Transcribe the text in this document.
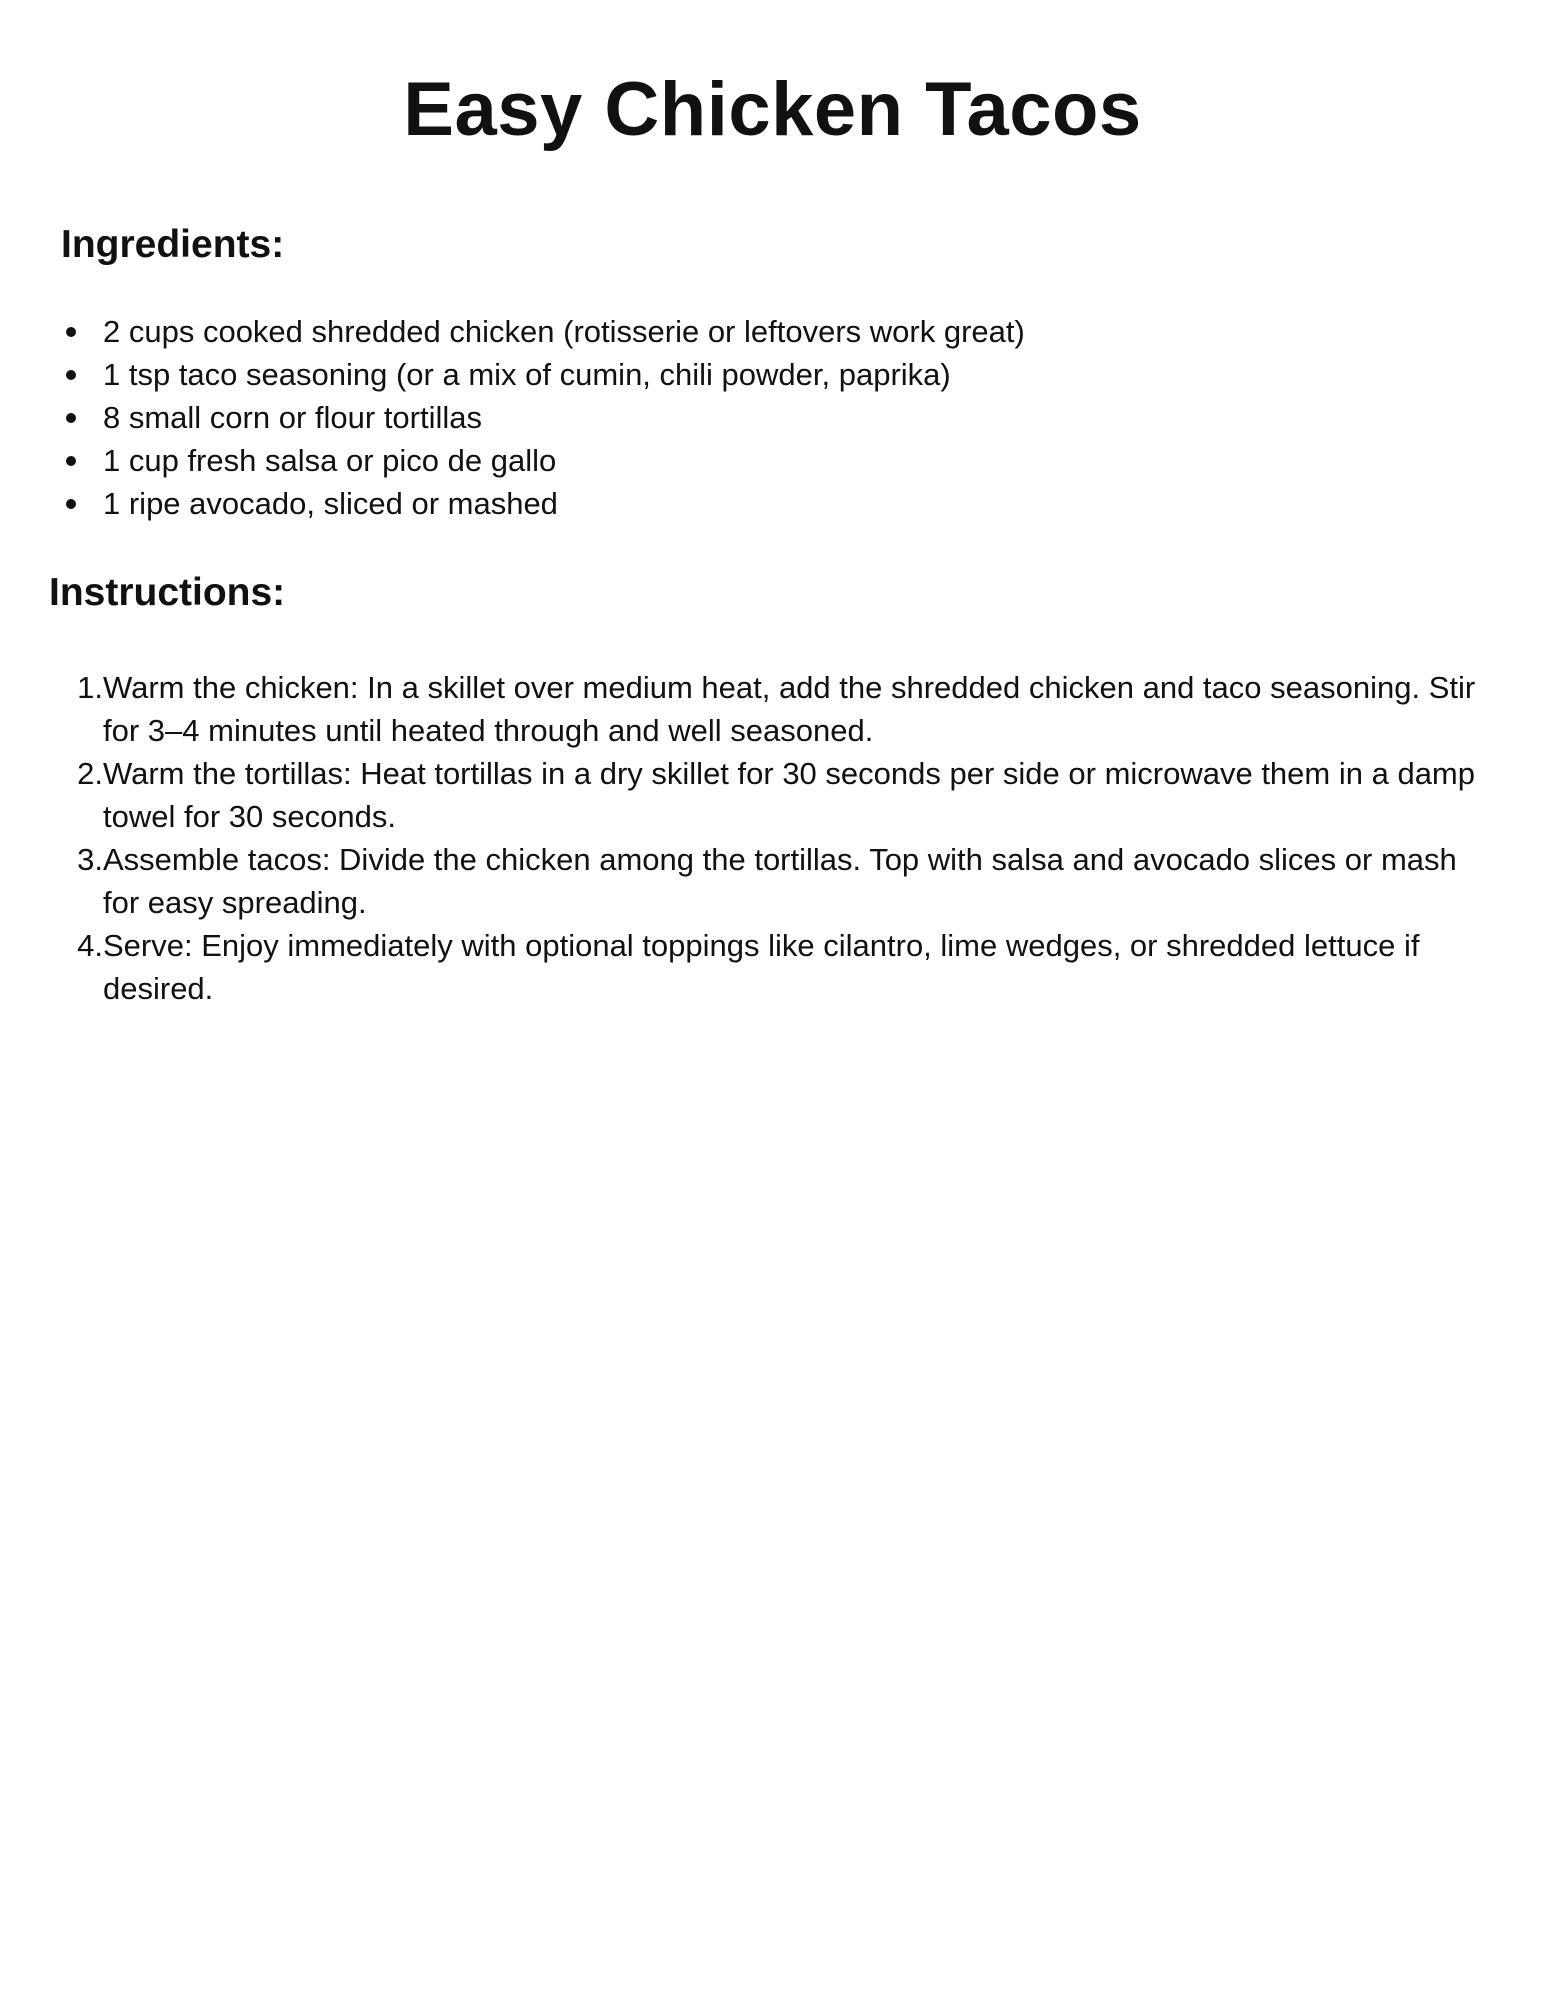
Easy Chicken Tacos
Ingredients:
2 cups cooked shredded chicken (rotisserie or leftovers work great)
1 tsp taco seasoning (or a mix of cumin, chili powder, paprika)
8 small corn or flour tortillas
1 cup fresh salsa or pico de gallo
1 ripe avocado, sliced or mashed
Instructions:
1. Warm the chicken: In a skillet over medium heat, add the shredded chicken and taco seasoning. Stir for 3–4 minutes until heated through and well seasoned.
2. Warm the tortillas: Heat tortillas in a dry skillet for 30 seconds per side or microwave them in a damp towel for 30 seconds.
3. Assemble tacos: Divide the chicken among the tortillas. Top with salsa and avocado slices or mash for easy spreading.
4. Serve: Enjoy immediately with optional toppings like cilantro, lime wedges, or shredded lettuce if desired.
